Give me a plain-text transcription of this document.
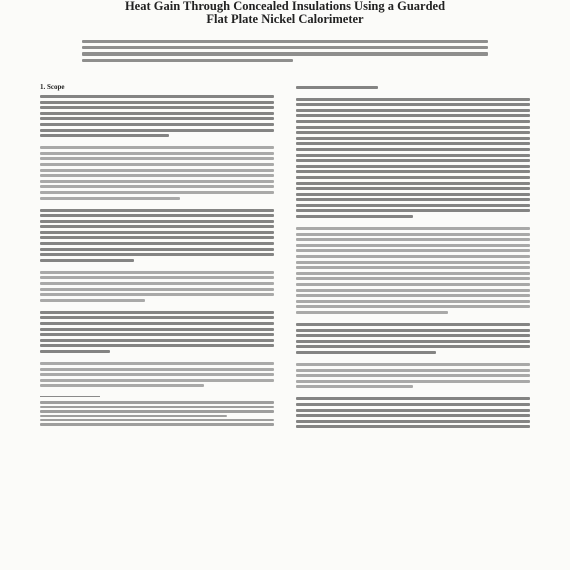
Heat Gain Through Concealed Insulations Using a Guarded
Flat Plate Nickel Calorimeter
1. Scope
